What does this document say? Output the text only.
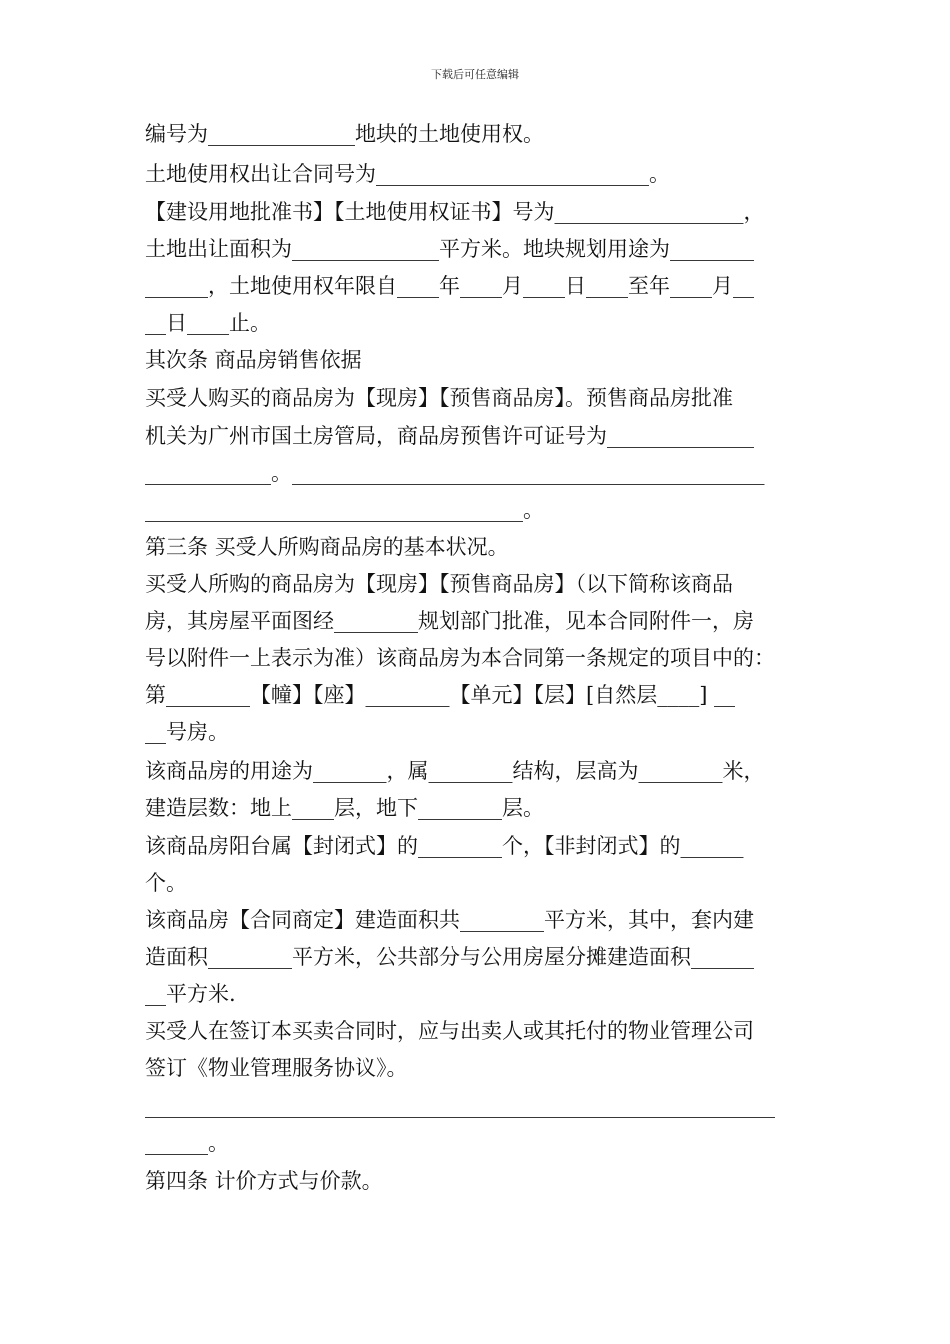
下载后可任意编辑
编号为______________地块的土地使用权。
土地使用权出让合同号为__________________________。
【建设用地批准书】【土地使用权证书】号为__________________，
土地出让面积为______________平方米。地块规划用途为________
______，土地使用权年限自____年____月____日____至年____月__
__日____止。
其次条 商品房销售依据
买受人购买的商品房为【现房】【预售商品房】。预售商品房批准
机关为广州市国土房管局，商品房预售许可证号为______________
____________。_____________________________________________
____________________________________。
第三条 买受人所购商品房的基本状况。
买受人所购的商品房为【现房】【预售商品房】（以下简称该商品
房，其房屋平面图经________规划部门批准，见本合同附件一，房
号以附件一上表示为准）该商品房为本合同第一条规定的项目中的：
第________【幢】【座】________【单元】【层】[自然层____] __
__号房。
该商品房的用途为_______，属________结构，层高为________米，
建造层数：地上____层，地下________层。
该商品房阳台属【封闭式】的________个，【非封闭式】的______
个。
该商品房【合同商定】建造面积共________平方米，其中，套内建
造面积________平方米，公共部分与公用房屋分摊建造面积______
__平方米.
买受人在签订本买卖合同时，应与出卖人或其托付的物业管理公司
签订《物业管理服务协议》。
____________________________________________________________
______。
第四条 计价方式与价款。
